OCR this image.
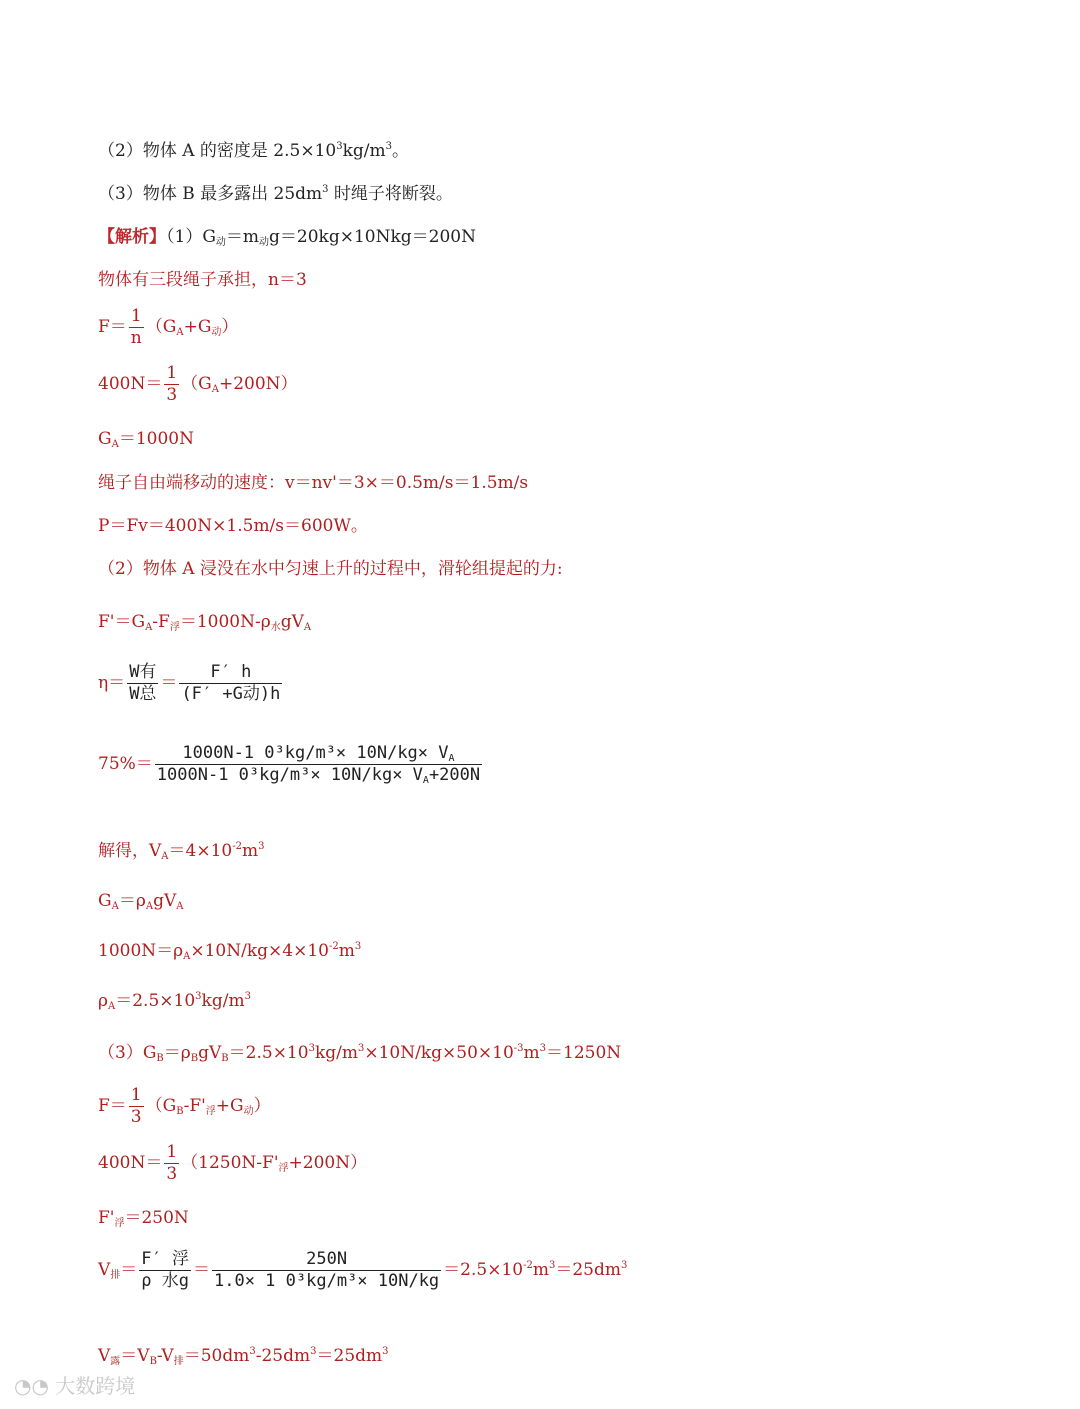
（2）物体 A 的密度是 $2.5\times 10^3kg/m^3$。
（3）物体 B 最多露出 $25dm^3$ 时绳子将断裂。
【解析】$(1)G_动=m_动g=20kg\times 10Nkg=200N$
物体有三段绳子承担，n＝3
$F= \frac{1}{n} (G_A+G_动)$
$400N= \frac{1}{3} (G_A+200N)$
$G_A=1000N$
绳子自由端移动的速度：v＝nv'＝3×＝0.5m/s＝1.5m/s
P＝Fv＝400N×1.5m/s＝600W。
（2）物体 A 浸没在水中匀速上升的过程中，滑轮组提起的力:
$F'=G_A-F_浮=1000N-\rho_水gV_A$
$\eta= \frac{\text{W有}}{\text{W总}} = \frac{F' h}{\text{(F′ +G动)h}}$
$75\%= \frac{1000N-1 0^3kg/m^3\times 10N/kg\times V_A}{1000N-1 0^3kg/m^3\times 10N/kg\times V_A+200N}$
解得，$V_A=4\times 10^{-2}m^3$
$G_A=\rho_AgV_A$
$1000N=\rho_A\times 10N/kg\times 4\times 10^{-2}m^3$
$\rho_A=2.5\times 10^3kg/m^3$
$(3)G_B=\rho_BgV_B=2.5\times 10^3kg/m^3\times 10N/kg\times 50\times 10^{-3}m^3=1250N$
$F= \frac{1}{3} (G_B-F'_浮+G_动)$
$400N= \frac{1}{3} (1250N-F'_浮+200N)$
$F'_浮=250N$
$V_排= \frac{\text{F′ 浮}}{\text{ρ 水g}} = \frac{250N}{\text{1.0× 1 0³kg/m³× 10N/kg}} =2.5\times 10^{-2}m^3=25dm^3$
$V_露=V_B-V_排=50dm^3-25dm^3=25dm^3$
◔◔ 大数跨境
